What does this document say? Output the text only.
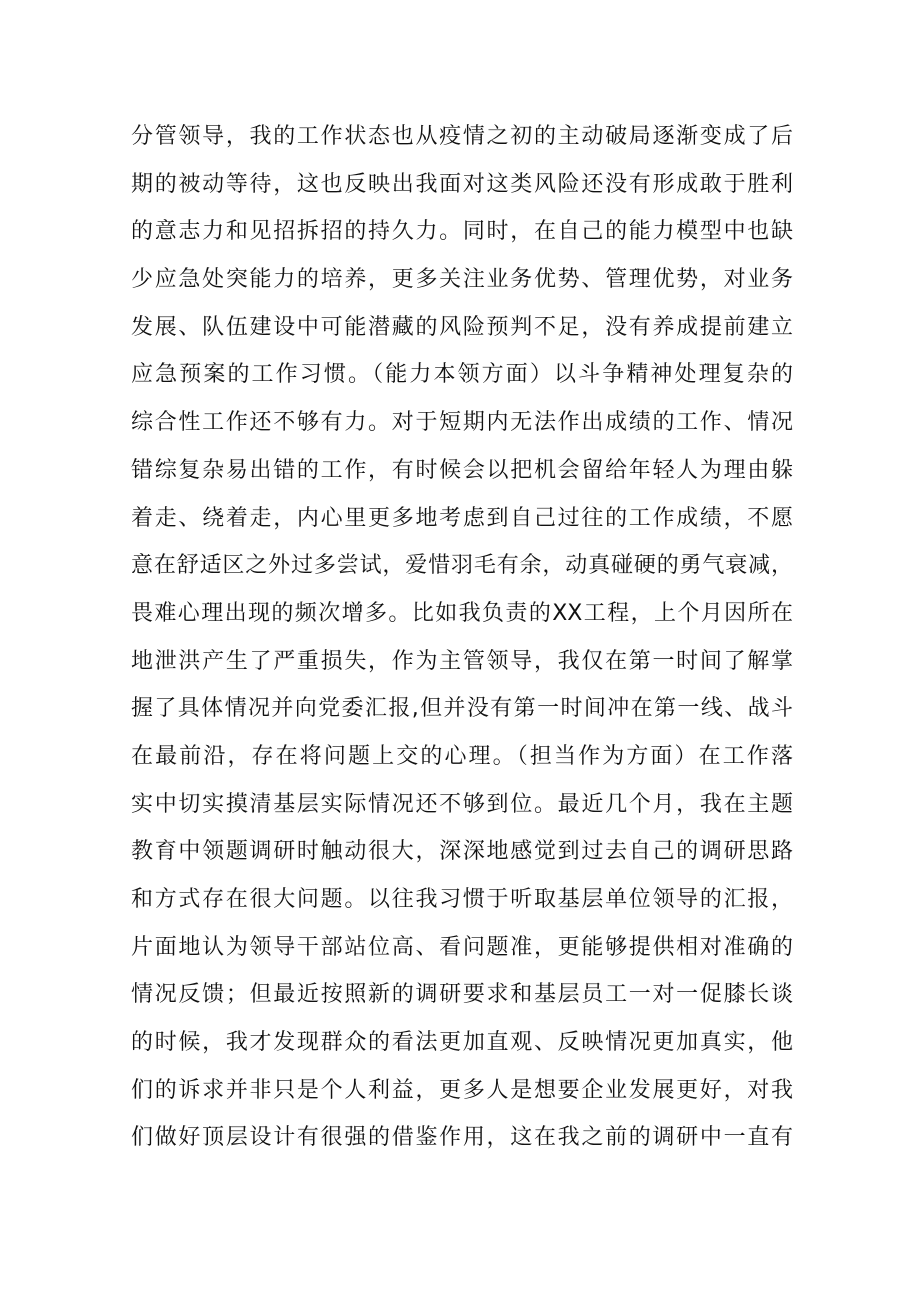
分管领导，我的工作状态也从疫情之初的主动破局逐渐变成了后
期的被动等待，这也反映出我面对这类风险还没有形成敢于胜利
的意志力和见招拆招的持久力。同时，在自己的能力模型中也缺
少应急处突能力的培养，更多关注业务优势、管理优势，对业务
发展、队伍建设中可能潜藏的风险预判不足，没有养成提前建立
应急预案的工作习惯。（能力本领方面）以斗争精神处理复杂的
综合性工作还不够有力。对于短期内无法作出成绩的工作、情况
错综复杂易出错的工作，有时候会以把机会留给年轻人为理由躲
着走、绕着走，内心里更多地考虑到自己过往的工作成绩，不愿
意在舒适区之外过多尝试，爱惜羽毛有余，动真碰硬的勇气衰减，
畏难心理出现的频次增多。比如我负责的XX工程，上个月因所在
地泄洪产生了严重损失，作为主管领导，我仅在第一时间了解掌
握了具体情况并向党委汇报,但并没有第一时间冲在第一线、战斗
在最前沿，存在将问题上交的心理。（担当作为方面）在工作落
实中切实摸清基层实际情况还不够到位。最近几个月，我在主题
教育中领题调研时触动很大，深深地感觉到过去自己的调研思路
和方式存在很大问题。以往我习惯于听取基层单位领导的汇报，
片面地认为领导干部站位高、看问题准，更能够提供相对准确的
情况反馈；但最近按照新的调研要求和基层员工一对一促膝长谈
的时候，我才发现群众的看法更加直观、反映情况更加真实，他
们的诉求并非只是个人利益，更多人是想要企业发展更好，对我
们做好顶层设计有很强的借鉴作用，这在我之前的调研中一直有
